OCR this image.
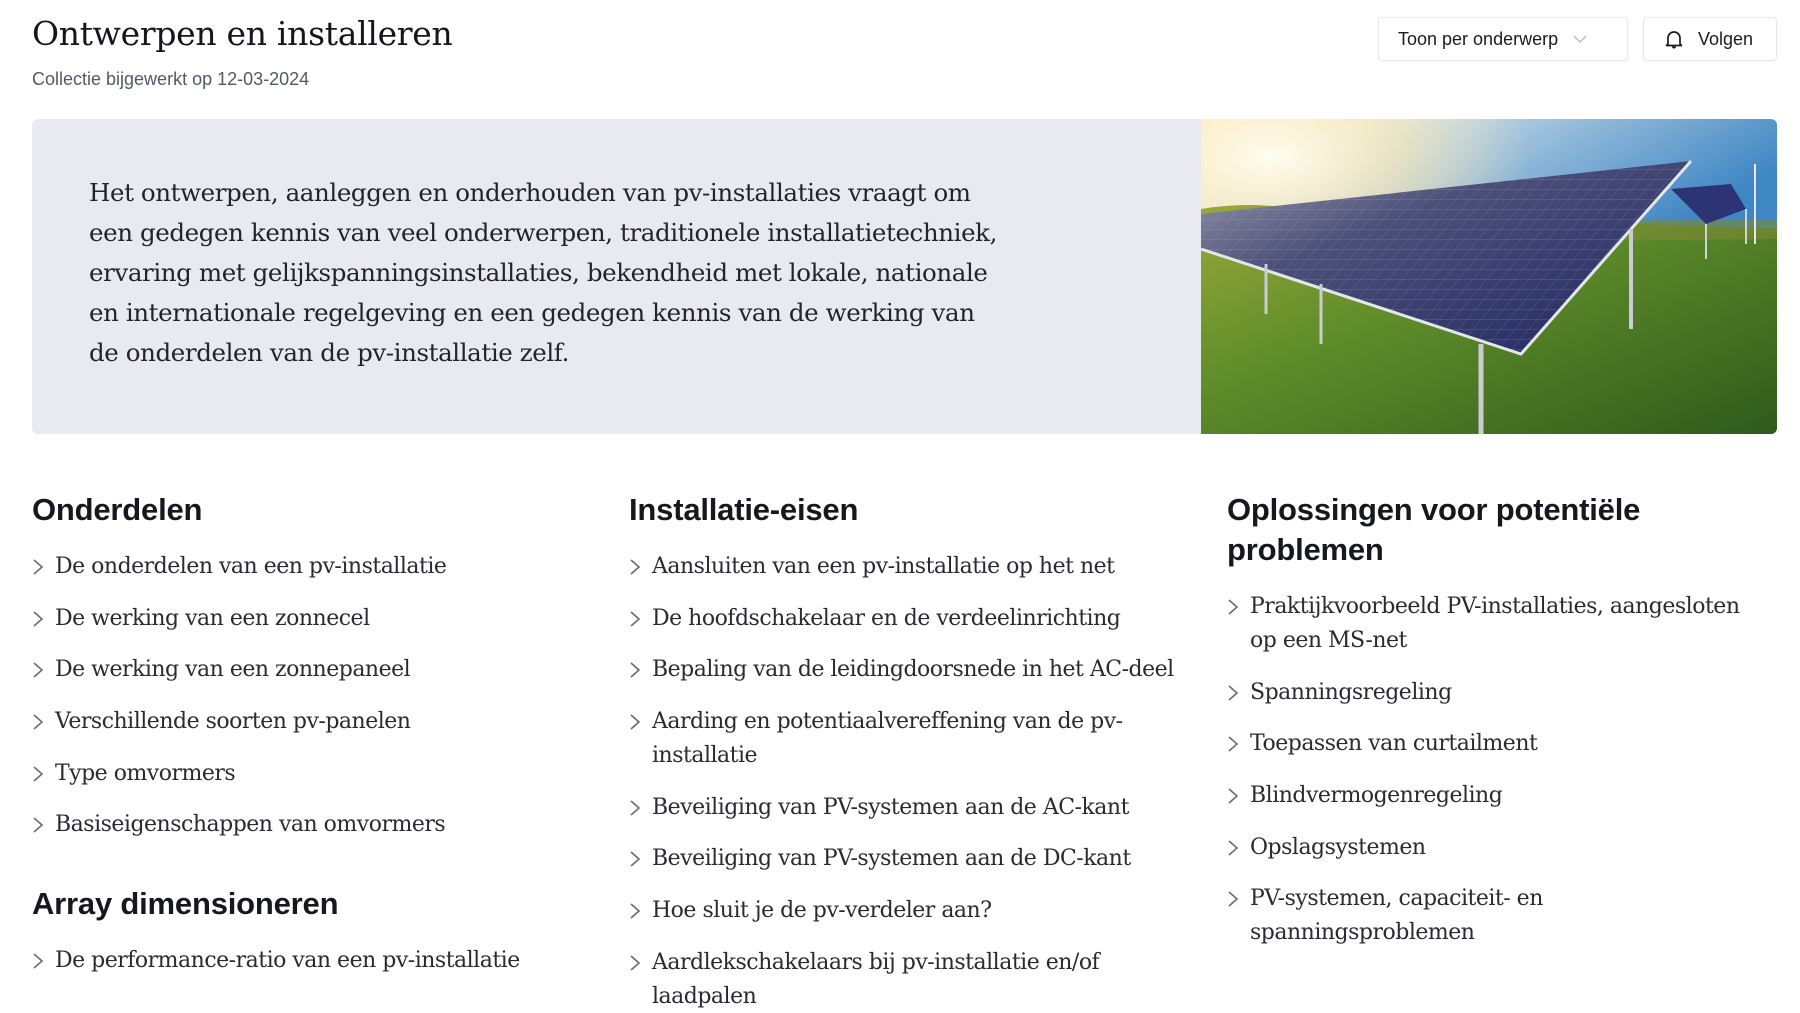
Ontwerpen en installeren
Collectie bijgewerkt op 12-03-2024
Toon per onderwerp	Volgen
Het ontwerpen, aanleggen en onderhouden van pv-installaties vraagt om een gedegen kennis van veel onderwerpen, traditionele installatietechniek, ervaring met gelijkspanningsinstallaties, bekendheid met lokale, nationale en internationale regelgeving en een gedegen kennis van de werking van de onderdelen van de pv-installatie zelf.
Onderdelen
De onderdelen van een pv-installatie
De werking van een zonnecel
De werking van een zonnepaneel
Verschillende soorten pv-panelen
Type omvormers
Basiseigenschappen van omvormers
Array dimensioneren
De performance-ratio van een pv-installatie
Installatie-eisen
Aansluiten van een pv-installatie op het net
De hoofdschakelaar en de verdeelinrichting
Bepaling van de leidingdoorsnede in het AC-deel
Aarding en potentiaalvereffening van de pv-installatie
Beveiliging van PV-systemen aan de AC-kant
Beveiliging van PV-systemen aan de DC-kant
Hoe sluit je de pv-verdeler aan?
Aardlekschakelaars bij pv-installatie en/of laadpalen
Oplossingen voor potentiële problemen
Praktijkvoorbeeld PV-installaties, aangesloten op een MS-net
Spanningsregeling
Toepassen van curtailment
Blindvermogenregeling
Opslagsystemen
PV-systemen, capaciteit- en spanningsproblemen
